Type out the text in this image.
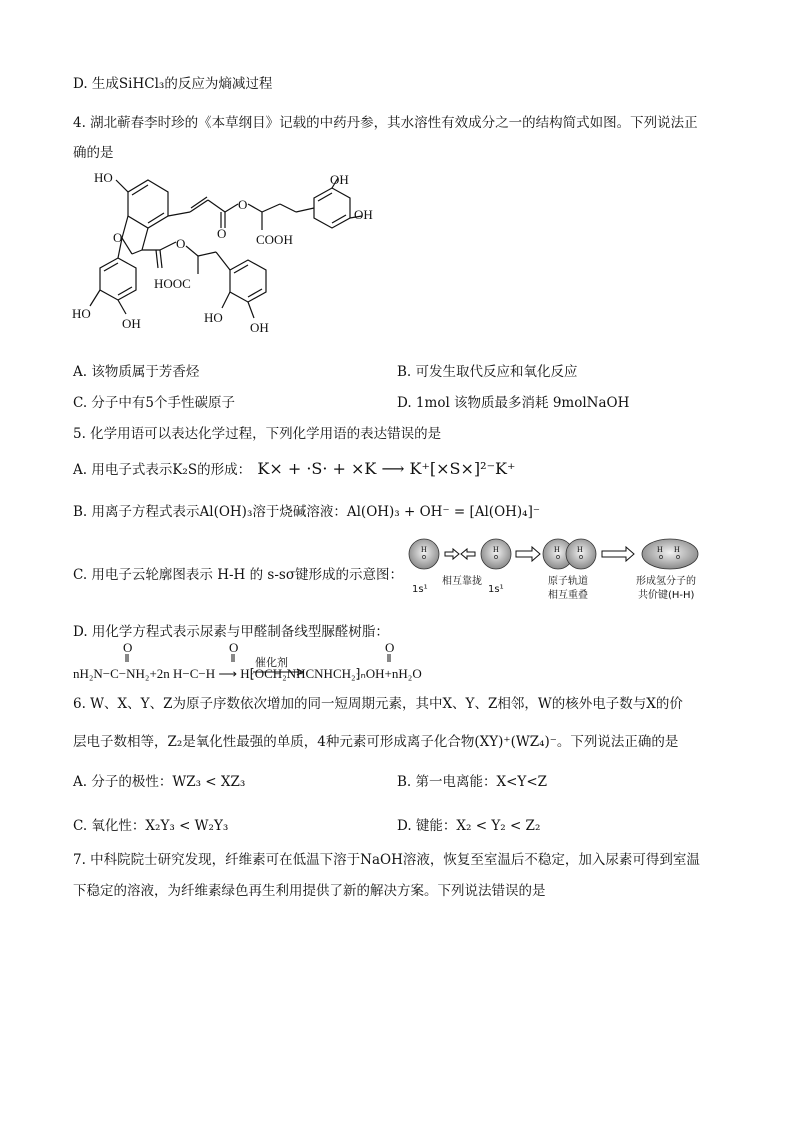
D. 生成SiHCl₃的反应为熵减过程
4. 湖北蕲春李时珍的《本草纲目》记载的中药丹参，其水溶性有效成分之一的结构简式如图。下列说法正
确的是
HO	OH
OH
O
O
O
O	COOH
HOOC
HO
OH	HO
OH
A. 该物质属于芳香烃	B. 可发生取代反应和氧化反应
C. 分子中有5个手性碳原子	D. 1mol 该物质最多消耗 9molNaOH
5. 化学用语可以表达化学过程，下列化学用语的表达错误的是
A. 用电子式表示K₂S的形成： K× + ·S· + ×K ⟶ K⁺[×S×]²⁻K⁺
B. 用离子方程式表示Al(OH)₃溶于烧碱溶液：Al(OH)₃ + OH⁻ = [Al(OH)₄]⁻
C. 用电子云轮廓图表示 H-H 的 s-sσ键形成的示意图：
H	H	H H	H H
1s¹
相互靠拢
1s¹
原子轨道
相互重叠
形成氢分子的
共价键(H-H)
D. 用化学方程式表示尿素与甲醛制备线型脲醛树脂：
O	O	O
催化剂
nH₂N−C−NH₂+2n H−C−H ⟶ H⁅OCH₂NHCNHCH₂⁆ₙOH+nH₂O
6. W、X、Y、Z为原子序数依次增加的同一短周期元素，其中X、Y、Z相邻，W的核外电子数与X的价
层电子数相等，Z₂是氧化性最强的单质，4种元素可形成离子化合物(XY)⁺(WZ₄)⁻。下列说法正确的是
A. 分子的极性：WZ₃ < XZ₃	B. 第一电离能：X<Y<Z
C. 氧化性：X₂Y₃ < W₂Y₃	D. 键能：X₂ < Y₂ < Z₂
7. 中科院院士研究发现，纤维素可在低温下溶于NaOH溶液，恢复至室温后不稳定，加入尿素可得到室温
下稳定的溶液，为纤维素绿色再生利用提供了新的解决方案。下列说法错误的是
